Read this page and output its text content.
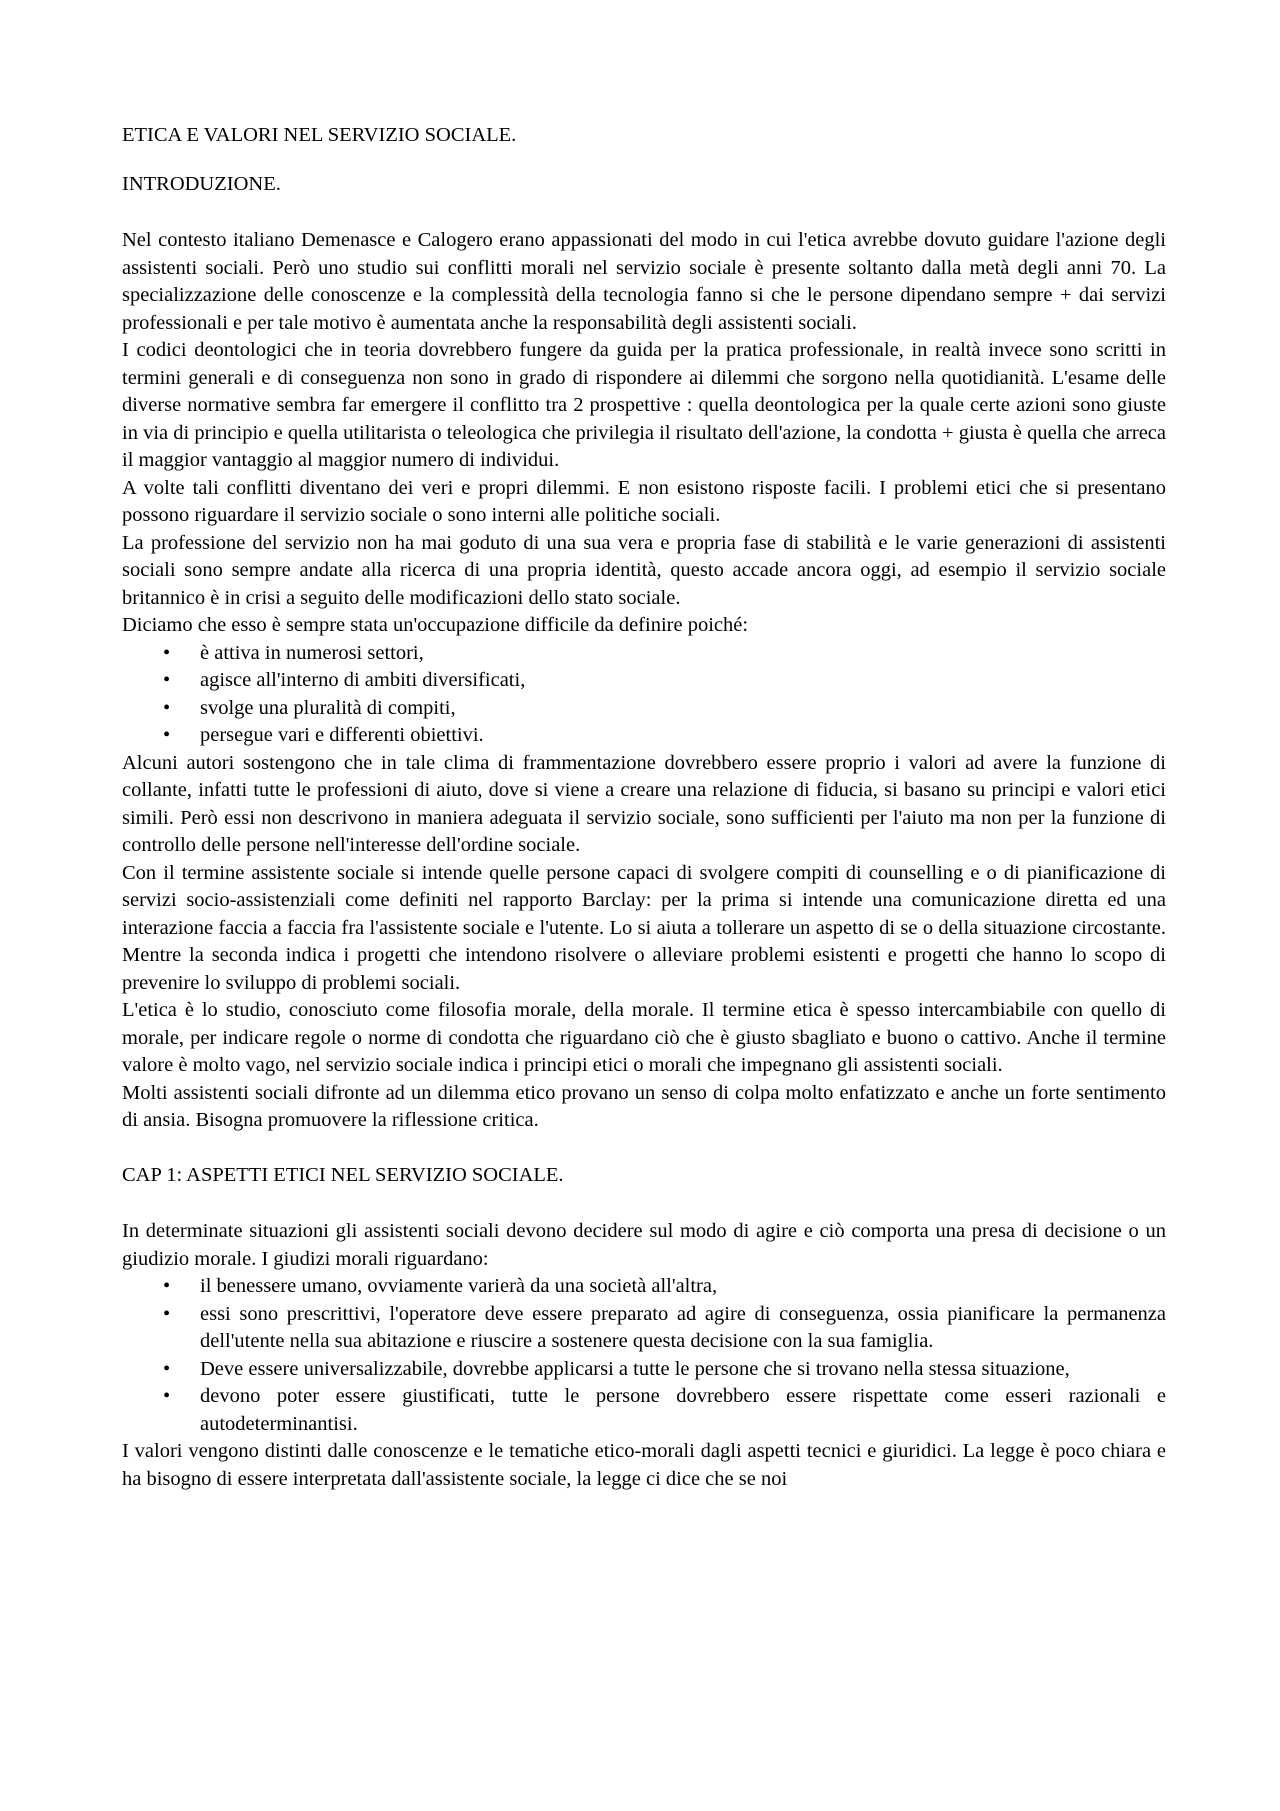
ETICA E VALORI NEL SERVIZIO SOCIALE.
INTRODUZIONE.

Nel contesto italiano Demenasce e Calogero erano appassionati del modo in cui l'etica avrebbe dovuto guidare l'azione degli assistenti sociali. Però uno studio sui conflitti morali nel servizio sociale è presente soltanto dalla metà degli anni 70. La specializzazione delle conoscenze e la complessità della tecnologia fanno si che le persone dipendano sempre + dai servizi professionali e per tale motivo è aumentata anche la responsabilità degli assistenti sociali.

I codici deontologici che in teoria dovrebbero fungere da guida per la pratica professionale, in realtà invece sono scritti in termini generali e di conseguenza non sono in grado di rispondere ai dilemmi che sorgono nella quotidianità. L'esame delle diverse normative sembra far emergere il conflitto tra 2 prospettive : quella deontologica per la quale certe azioni sono giuste in via di principio e quella utilitarista o teleologica che privilegia il risultato dell'azione, la condotta + giusta è quella che arreca il maggior vantaggio al maggior numero di individui.

A volte tali conflitti diventano dei veri e propri dilemmi. E non esistono risposte facili. I problemi etici che si presentano possono riguardare il servizio sociale o sono interni alle politiche sociali.

La professione del servizio non ha mai goduto di una sua vera e propria fase di stabilità e le varie generazioni di assistenti sociali sono sempre andate alla ricerca di una propria identità, questo accade ancora oggi, ad esempio il servizio sociale britannico è in crisi a seguito delle modificazioni dello stato sociale.

Diciamo che esso è sempre stata un'occupazione difficile da definire poiché:

• è attiva in numerosi settori,
• agisce all'interno di ambiti diversificati,
• svolge una pluralità di compiti,
• persegue vari e differenti obiettivi.

Alcuni autori sostengono che in tale clima di frammentazione dovrebbero essere proprio i valori ad avere la funzione di collante, infatti tutte le professioni di aiuto, dove si viene a creare una relazione di fiducia, si basano su principi e valori etici simili. Però essi non descrivono in maniera adeguata il servizio sociale, sono sufficienti per l'aiuto ma non per la funzione di controllo delle persone nell'interesse dell'ordine sociale.

Con il termine assistente sociale si intende quelle persone capaci di svolgere compiti di counselling e o di pianificazione di servizi socio-assistenziali come definiti nel rapporto Barclay: per la prima si intende una comunicazione diretta ed una interazione faccia a faccia fra l'assistente sociale e l'utente. Lo si aiuta a tollerare un aspetto di se o della situazione circostante. Mentre la seconda indica i progetti che intendono risolvere o alleviare problemi esistenti e progetti che hanno lo scopo di prevenire lo sviluppo di problemi sociali.

L'etica è lo studio, conosciuto come filosofia morale, della morale. Il termine etica è spesso intercambiabile con quello di morale, per indicare regole o norme di condotta che riguardano ciò che è giusto sbagliato e buono o cattivo. Anche il termine valore è molto vago, nel servizio sociale indica i principi etici o morali che impegnano gli assistenti sociali.

Molti assistenti sociali difronte ad un dilemma etico provano un senso di colpa molto enfatizzato e anche un forte sentimento di ansia. Bisogna promuovere la riflessione critica.

CAP 1: ASPETTI ETICI NEL SERVIZIO SOCIALE.

In determinate situazioni gli assistenti sociali devono decidere sul modo di agire e ciò comporta una presa di decisione o un giudizio morale. I giudizi morali riguardano:

• il benessere umano, ovviamente varierà da una società all'altra,
• essi sono prescrittivi, l'operatore deve essere preparato ad agire di conseguenza, ossia pianificare la permanenza dell'utente nella sua abitazione e riuscire a sostenere questa decisione con la sua famiglia.
• Deve essere universalizzabile, dovrebbe applicarsi a tutte le persone che si trovano nella stessa situazione,
• devono poter essere giustificati, tutte le persone dovrebbero essere rispettate come esseri razionali e autodeterminantisi.

I valori vengono distinti dalle conoscenze e le tematiche etico-morali dagli aspetti tecnici e giuridici. La legge è poco chiara e ha bisogno di essere interpretata dall'assistente sociale, la legge ci dice che se noi
